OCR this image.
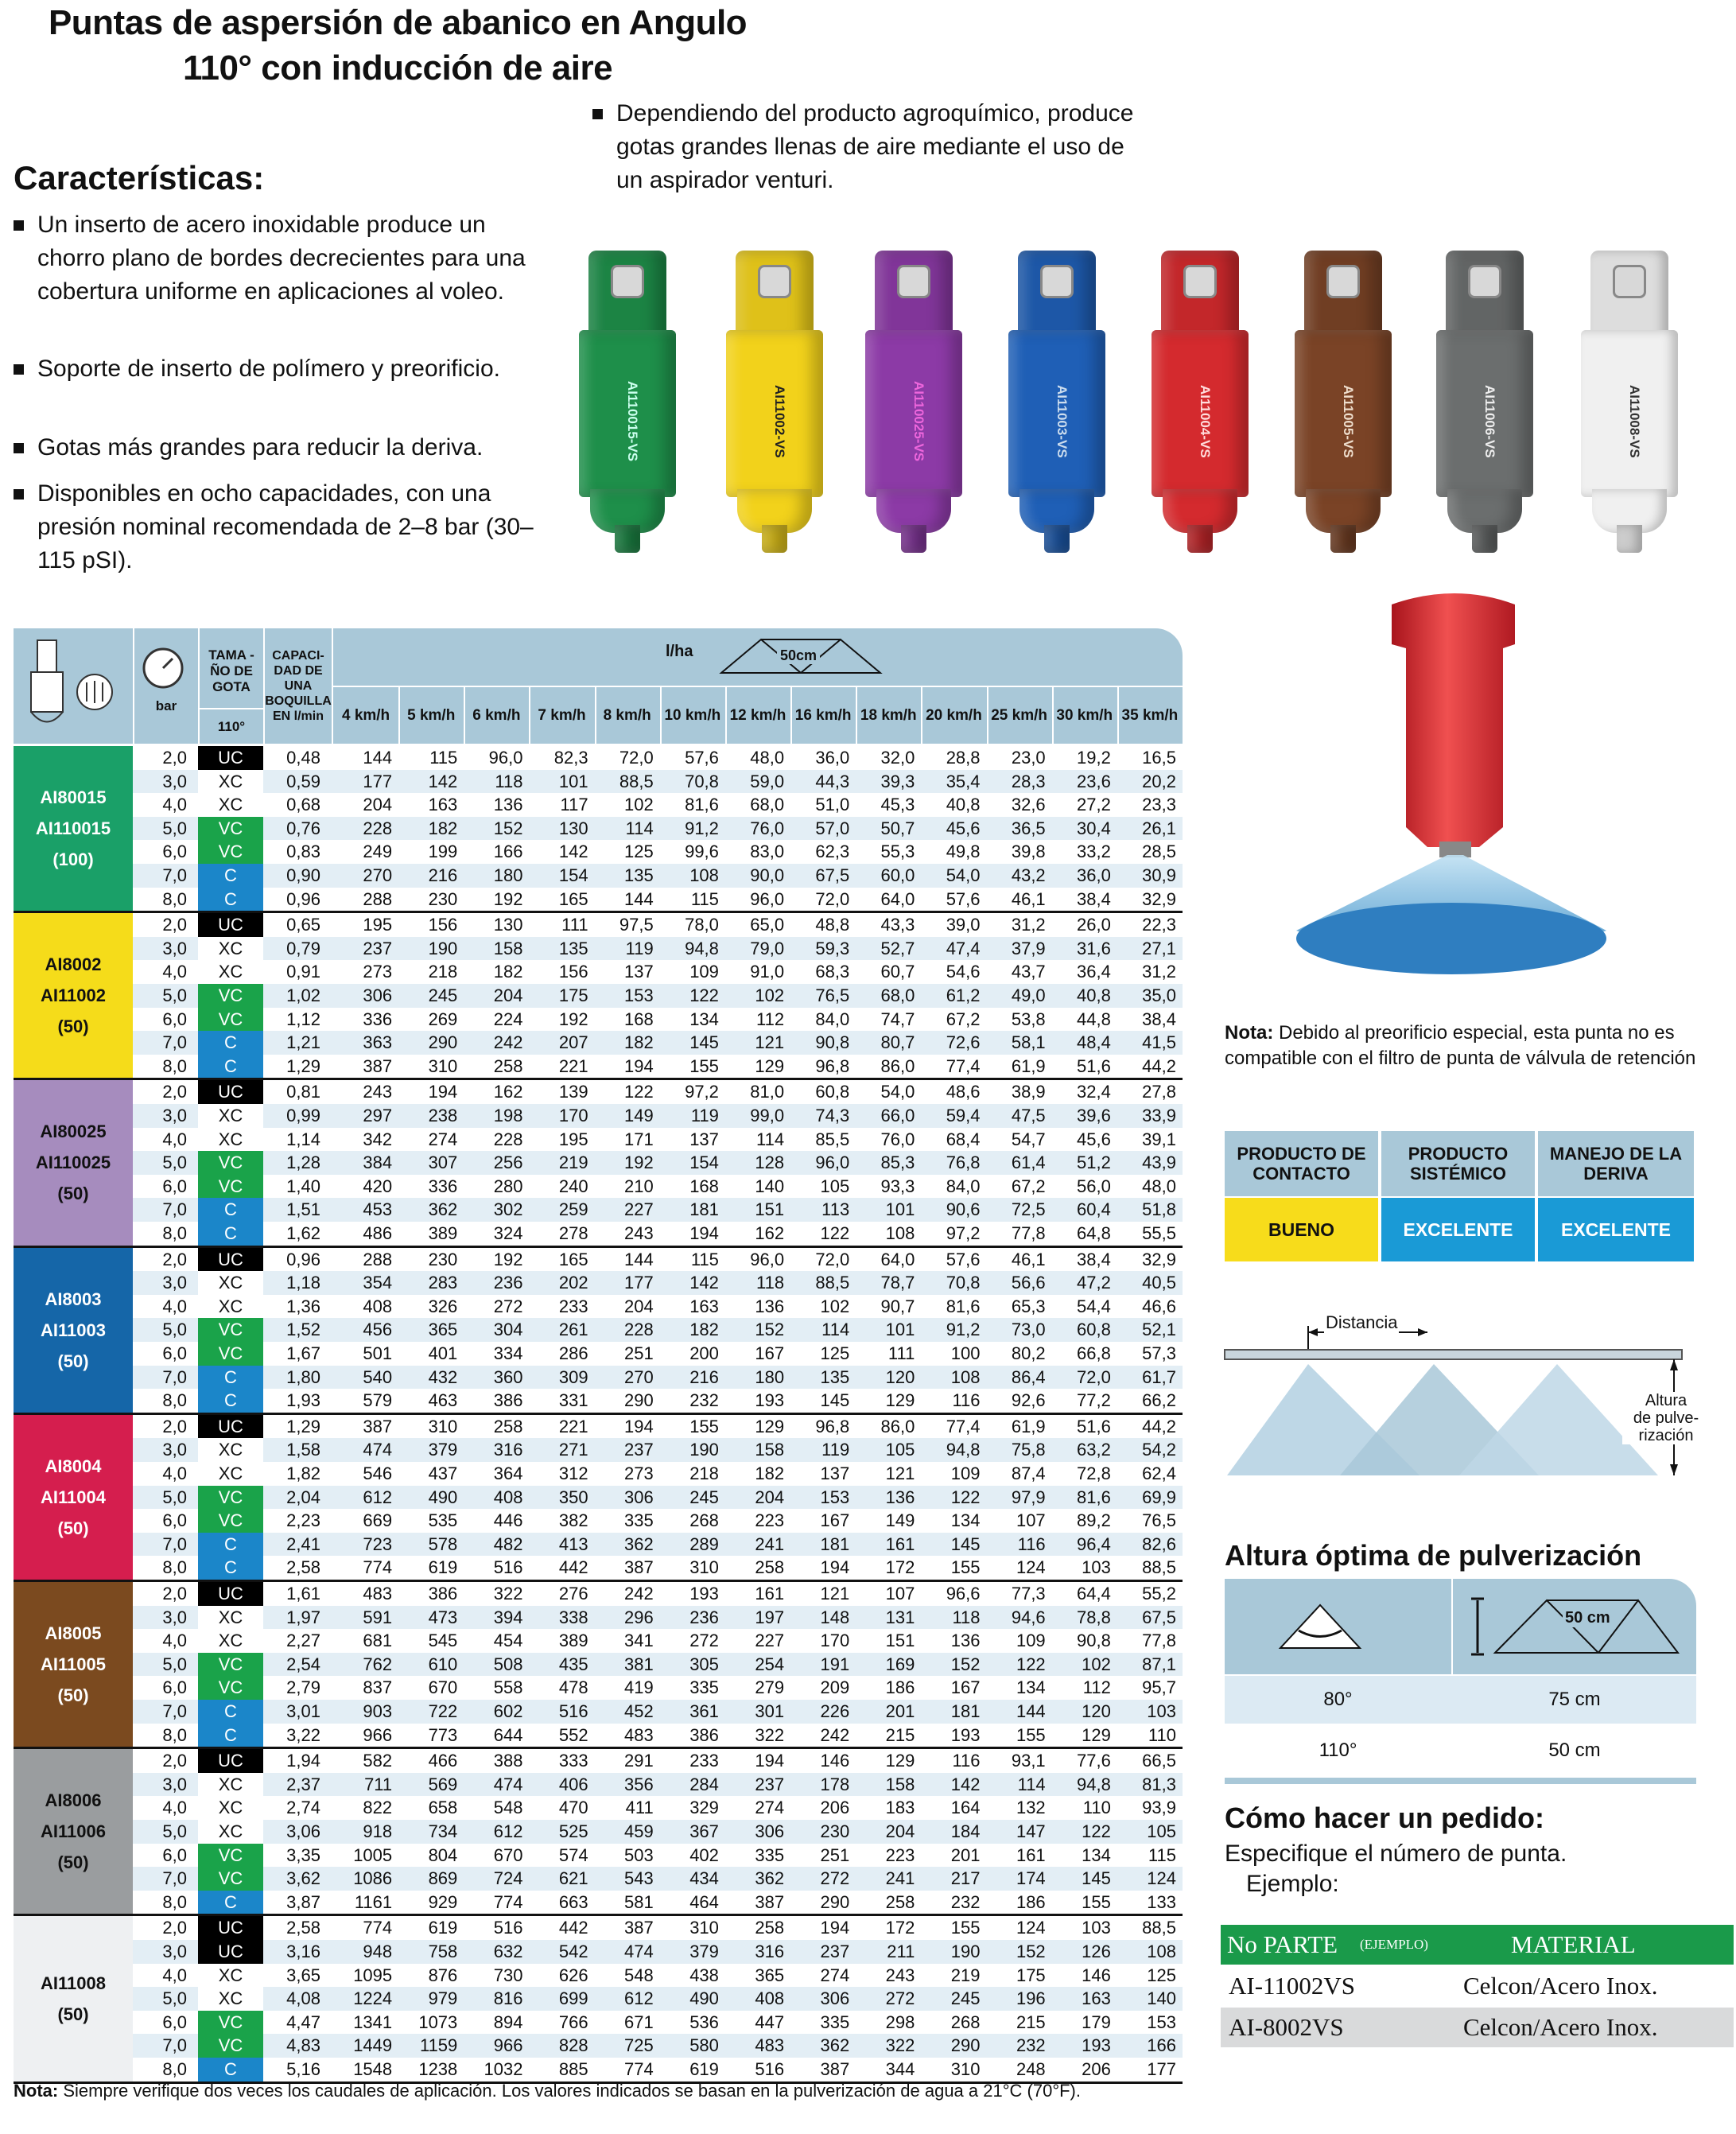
Puntas de aspersión de abanico en Angulo
110° con inducción de aire
Dependiendo del producto agroquímico, produce gotas grandes llenas de aire mediante el uso de un aspirador venturi.
Características:
Un inserto de acero inoxidable produce un chorro plano de bordes decrecientes para una cobertura uniforme en aplicaciones al voleo.
Soporte de inserto de polímero y preorificio.
Gotas más grandes para reducir la deriva.
Disponibles en ocho capacidades, con una presión nominal recomendada de 2–8 bar (30–115 pSI).
AI110015-VS	AI11002-VS	AI110025-VS	AI11003-VS	AI11004-VS	AI11005-VS	AI11006-VS	AI11008-VS
bar
TAMA - ÑO DE GOTA
110°
CAPACI- DAD DE UNA BOQUILLA EN l/min
l/ha	50cm
4 km/h	5 km/h	6 km/h	7 km/h	8 km/h 10 km/h 12 km/h 16 km/h 18 km/h 20 km/h 25 km/h 30 km/h 35 km/h
AI80015
AI110015
(100)
2,0	UC	0,48	144	115	96,0	82,3	72,0	57,6	48,0	36,0	32,0	28,8	23,0	19,2	16,5
3,0	XC	0,59	177	142	118	101	88,5	70,8	59,0	44,3	39,3	35,4	28,3	23,6	20,2
4,0	XC	0,68	204	163	136	117	102	81,6	68,0	51,0	45,3	40,8	32,6	27,2	23,3
5,0	VC	0,76	228	182	152	130	114	91,2	76,0	57,0	50,7	45,6	36,5	30,4	26,1
6,0	VC	0,83	249	199	166	142	125	99,6	83,0	62,3	55,3	49,8	39,8	33,2	28,5
7,0	C	0,90	270	216	180	154	135	108	90,0	67,5	60,0	54,0	43,2	36,0	30,9
8,0	C	0,96	288	230	192	165	144	115	96,0	72,0	64,0	57,6	46,1	38,4	32,9
AI8002
AI11002
(50)
2,0	UC	0,65	195	156	130	111	97,5	78,0	65,0	48,8	43,3	39,0	31,2	26,0	22,3
3,0	XC	0,79	237	190	158	135	119	94,8	79,0	59,3	52,7	47,4	37,9	31,6	27,1
4,0	XC	0,91	273	218	182	156	137	109	91,0	68,3	60,7	54,6	43,7	36,4	31,2
5,0	VC	1,02	306	245	204	175	153	122	102	76,5	68,0	61,2	49,0	40,8	35,0
6,0	VC	1,12	336	269	224	192	168	134	112	84,0	74,7	67,2	53,8	44,8	38,4
7,0	C	1,21	363	290	242	207	182	145	121	90,8	80,7	72,6	58,1	48,4	41,5
8,0	C	1,29	387	310	258	221	194	155	129	96,8	86,0	77,4	61,9	51,6	44,2
AI80025
AI110025
(50)
2,0	UC	0,81	243	194	162	139	122	97,2	81,0	60,8	54,0	48,6	38,9	32,4	27,8
3,0	XC	0,99	297	238	198	170	149	119	99,0	74,3	66,0	59,4	47,5	39,6	33,9
4,0	XC	1,14	342	274	228	195	171	137	114	85,5	76,0	68,4	54,7	45,6	39,1
5,0	VC	1,28	384	307	256	219	192	154	128	96,0	85,3	76,8	61,4	51,2	43,9
6,0	VC	1,40	420	336	280	240	210	168	140	105	93,3	84,0	67,2	56,0	48,0
7,0	C	1,51	453	362	302	259	227	181	151	113	101	90,6	72,5	60,4	51,8
8,0	C	1,62	486	389	324	278	243	194	162	122	108	97,2	77,8	64,8	55,5
AI8003
AI11003
(50)
2,0	UC	0,96	288	230	192	165	144	115	96,0	72,0	64,0	57,6	46,1	38,4	32,9
3,0	XC	1,18	354	283	236	202	177	142	118	88,5	78,7	70,8	56,6	47,2	40,5
4,0	XC	1,36	408	326	272	233	204	163	136	102	90,7	81,6	65,3	54,4	46,6
5,0	VC	1,52	456	365	304	261	228	182	152	114	101	91,2	73,0	60,8	52,1
6,0	VC	1,67	501	401	334	286	251	200	167	125	111	100	80,2	66,8	57,3
7,0	C	1,80	540	432	360	309	270	216	180	135	120	108	86,4	72,0	61,7
8,0	C	1,93	579	463	386	331	290	232	193	145	129	116	92,6	77,2	66,2
AI8004
AI11004
(50)
2,0	UC	1,29	387	310	258	221	194	155	129	96,8	86,0	77,4	61,9	51,6	44,2
3,0	XC	1,58	474	379	316	271	237	190	158	119	105	94,8	75,8	63,2	54,2
4,0	XC	1,82	546	437	364	312	273	218	182	137	121	109	87,4	72,8	62,4
5,0	VC	2,04	612	490	408	350	306	245	204	153	136	122	97,9	81,6	69,9
6,0	VC	2,23	669	535	446	382	335	268	223	167	149	134	107	89,2	76,5
7,0	C	2,41	723	578	482	413	362	289	241	181	161	145	116	96,4	82,6
8,0	C	2,58	774	619	516	442	387	310	258	194	172	155	124	103	88,5
AI8005
AI11005
(50)
2,0	UC	1,61	483	386	322	276	242	193	161	121	107	96,6	77,3	64,4	55,2
3,0	XC	1,97	591	473	394	338	296	236	197	148	131	118	94,6	78,8	67,5
4,0	XC	2,27	681	545	454	389	341	272	227	170	151	136	109	90,8	77,8
5,0	VC	2,54	762	610	508	435	381	305	254	191	169	152	122	102	87,1
6,0	VC	2,79	837	670	558	478	419	335	279	209	186	167	134	112	95,7
7,0	C	3,01	903	722	602	516	452	361	301	226	201	181	144	120	103
8,0	C	3,22	966	773	644	552	483	386	322	242	215	193	155	129	110
AI8006
AI11006
(50)
2,0	UC	1,94	582	466	388	333	291	233	194	146	129	116	93,1	77,6	66,5
3,0	XC	2,37	711	569	474	406	356	284	237	178	158	142	114	94,8	81,3
4,0	XC	2,74	822	658	548	470	411	329	274	206	183	164	132	110	93,9
5,0	XC	3,06	918	734	612	525	459	367	306	230	204	184	147	122	105
6,0	VC	3,35	1005	804	670	574	503	402	335	251	223	201	161	134	115
7,0	VC	3,62	1086	869	724	621	543	434	362	272	241	217	174	145	124
8,0	C	3,87	1161	929	774	663	581	464	387	290	258	232	186	155	133
AI11008
(50)
2,0	UC	2,58	774	619	516	442	387	310	258	194	172	155	124	103	88,5
3,0	UC	3,16	948	758	632	542	474	379	316	237	211	190	152	126	108
4,0	XC	3,65	1095	876	730	626	548	438	365	274	243	219	175	146	125
5,0	XC	4,08	1224	979	816	699	612	490	408	306	272	245	196	163	140
6,0	VC	4,47	1341	1073	894	766	671	536	447	335	298	268	215	179	153
7,0	VC	4,83	1449	1159	966	828	725	580	483	362	322	290	232	193	166
8,0	C	5,16	1548	1238	1032	885	774	619	516	387	344	310	248	206	177
Nota: Siempre verifique dos veces los caudales de aplicación. Los valores indicados se basan en la pulverización de agua a 21°C (70°F).
Nota: Debido al preorificio especial, esta punta no es compatible con el filtro de punta de válvula de retención
PRODUCTO DE CONTACTO
PRODUCTO SISTÉMICO
MANEJO DE LA DERIVA
BUENO	EXCELENTE	EXCELENTE
Distancia
Altura
de pulve-
rización
Altura óptima de pulverización
50 cm
80°	75 cm
110°	50 cm
Cómo hacer un pedido:
Especifique el número de punta.
Ejemplo:
No PARTE (EJEMPLO)	MATERIAL
AI-11002VS	Celcon/Acero Inox.
AI-8002VS	Celcon/Acero Inox.
